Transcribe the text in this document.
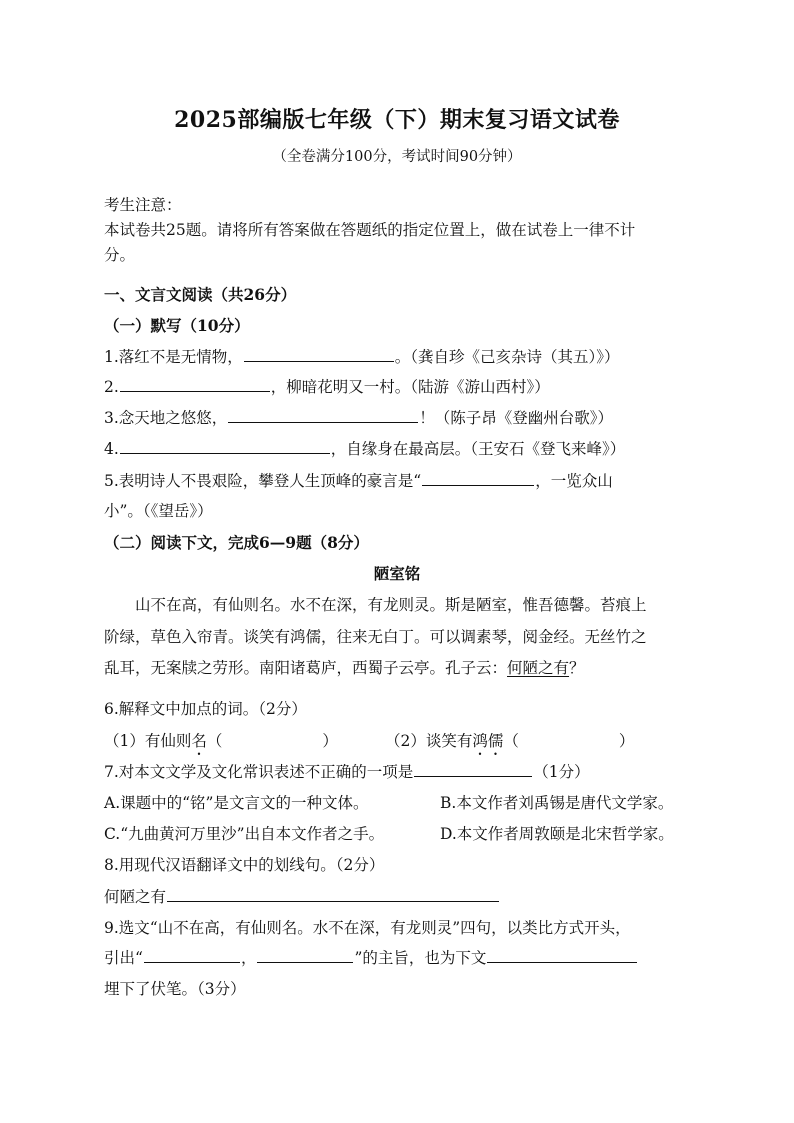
2025部编版七年级（下）期末复习语文试卷
（全卷满分100分，考试时间90分钟）
考生注意：
本试卷共25题。请将所有答案做在答题纸的指定位置上，做在试卷上一律不计
分。
一、文言文阅读（共26分）
（一）默写（10分）
1.落红不是无情物，	。（龚自珍《己亥杂诗（其五）》）
2.	，柳暗花明又一村。（陆游《游山西村》）
3.念天地之悠悠，	！（陈子昂《登幽州台歌》）
4.	，自缘身在最高层。（王安石《登飞来峰》）
5.表明诗人不畏艰险，攀登人生顶峰的豪言是“	，一览众山
小”。（《望岳》）
（二）阅读下文，完成6—9题（8分）
陋室铭
山不在高，有仙则名。水不在深，有龙则灵。斯是陋室，惟吾德馨。苔痕上
阶绿，草色入帘青。谈笑有鸿儒，往来无白丁。可以调素琴，阅金经。无丝竹之
乱耳，无案牍之劳形。南阳诸葛庐，西蜀子云亭。孔子云：何陋之有？
6.解释文中加点的词。（2分）
（1）有仙则名（	）	（2）谈笑有鸿儒（	）
7.对本文文学及文化常识表述不正确的一项是	（1分）
A.课题中的“铭”是文言文的一种文体。	B.本文作者刘禹锡是唐代文学家。
C.“九曲黄河万里沙”出自本文作者之手。	D.本文作者周敦颐是北宋哲学家。
8.用现代汉语翻译文中的划线句。（2分）
何陋之有
9.选文“山不在高，有仙则名。水不在深，有龙则灵”四句，以类比方式开头，
引出“	，	”的主旨，也为下文
埋下了伏笔。（3分）
